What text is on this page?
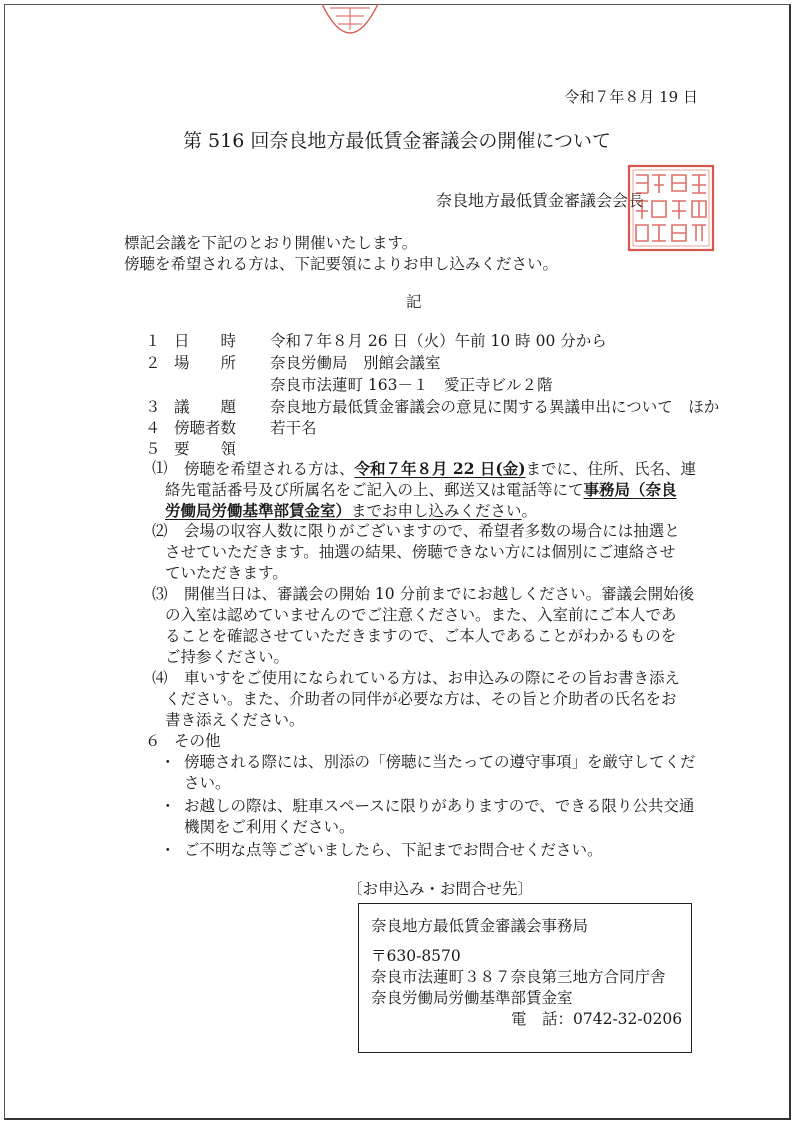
令和７年８月 19 日
第 516 回奈良地方最低賃金審議会の開催について
奈良地方最低賃金審議会会長
標記会議を下記のとおり開催いたします。
傍聴を希望される方は、下記要領によりお申し込みください。
記
１ 日　　時 令和７年８月 26 日（火）午前 10 時 00 分から
２ 場　　所 奈良労働局　別館会議室
奈良市法蓮町 163－１　愛正寺ビル２階
３ 議　　題 奈良地方最低賃金審議会の意見に関する異議申出について　ほか
４ 傍聴者数 若干名
５ 要　　領
⑴ 傍聴を希望される方は、令和７年８月 22 日(金)までに、住所、氏名、連
絡先電話番号及び所属名をご記入の上、郵送又は電話等にて事務局（奈良
労働局労働基準部賃金室）までお申し込みください。
⑵ 会場の収容人数に限りがございますので、希望者多数の場合には抽選と
させていただきます。抽選の結果、傍聴できない方には個別にご連絡させ
ていただきます。
⑶ 開催当日は、審議会の開始 10 分前までにお越しください。審議会開始後
の入室は認めていませんのでご注意ください。また、入室前にご本人であ
ることを確認させていただきますので、ご本人であることがわかるものを
ご持参ください。
⑷ 車いすをご使用になられている方は、お申込みの際にその旨お書き添え
ください。また、介助者の同伴が必要な方は、その旨と介助者の氏名をお
書き添えください。
６ その他
・ 傍聴される際には、別添の「傍聴に当たっての遵守事項」を厳守してくだ
さい。
・ お越しの際は、駐車スペースに限りがありますので、できる限り公共交通
機関をご利用ください。
・ ご不明な点等ございましたら、下記までお問合せください。
〔お申込み・お問合せ先〕
奈良地方最低賃金審議会事務局
〒630-8570
奈良市法蓮町３８７奈良第三地方合同庁舎
奈良労働局労働基準部賃金室
電　話：0742-32-0206
